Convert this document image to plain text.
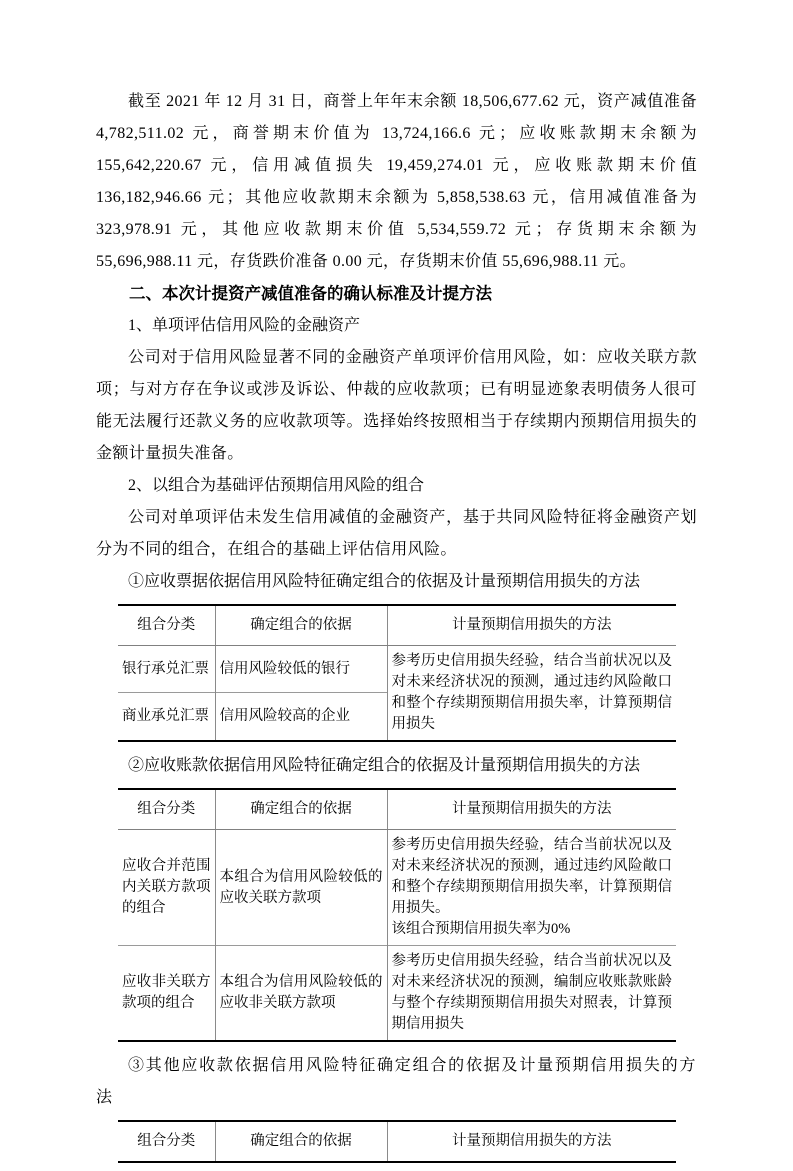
截至 2021 年 12 月 31 日，商誉上年年末余额 18,506,677.62 元，资产减值准备 4,782,511.02 元，商誉期末价值为 13,724,166.6 元；应收账款期末余额为 155,642,220.67 元，信用减值损失 19,459,274.01 元，应收账款期末价值 136,182,946.66 元；其他应收款期末余额为 5,858,538.63 元，信用减值准备为 323,978.91 元，其他应收款期末价值 5,534,559.72 元；存货期末余额为 55,696,988.11 元，存货跌价准备 0.00 元，存货期末价值 55,696,988.11 元。

二、本次计提资产减值准备的确认标准及计提方法

1、单项评估信用风险的金融资产

公司对于信用风险显著不同的金融资产单项评价信用风险，如：应收关联方款项；与对方存在争议或涉及诉讼、仲裁的应收款项；已有明显迹象表明债务人很可能无法履行还款义务的应收款项等。选择始终按照相当于存续期内预期信用损失的金额计量损失准备。

2、以组合为基础评估预期信用风险的组合

公司对单项评估未发生信用减值的金融资产，基于共同风险特征将金融资产划分为不同的组合，在组合的基础上评估信用风险。

①应收票据依据信用风险特征确定组合的依据及计量预期信用损失的方法

组合分类	确定组合的依据	计量预期信用损失的方法
银行承兑汇票	信用风险较低的银行	参考历史信用损失经验，结合当前状况以及对未来经济状况的预测，通过违约风险敞口和整个存续期预期信用损失率，计算预期信用损失
商业承兑汇票	信用风险较高的企业	

②应收账款依据信用风险特征确定组合的依据及计量预期信用损失的方法

组合分类	确定组合的依据	计量预期信用损失的方法
应收合并范围内关联方款项的组合	本组合为信用风险较低的应收关联方款项	参考历史信用损失经验，结合当前状况以及对未来经济状况的预测，通过违约风险敞口和整个存续期预期信用损失率，计算预期信用损失。
该组合预期信用损失率为0%

应收非关联方款项的组合	本组合为信用风险较低的应收非关联方款项	参考历史信用损失经验，结合当前状况以及对未来经济状况的预测，编制应收账款账龄与整个存续期预期信用损失对照表，计算预期信用损失

③其他应收款依据信用风险特征确定组合的依据及计量预期信用损失的方法

组合分类	确定组合的依据	计量预期信用损失的方法
